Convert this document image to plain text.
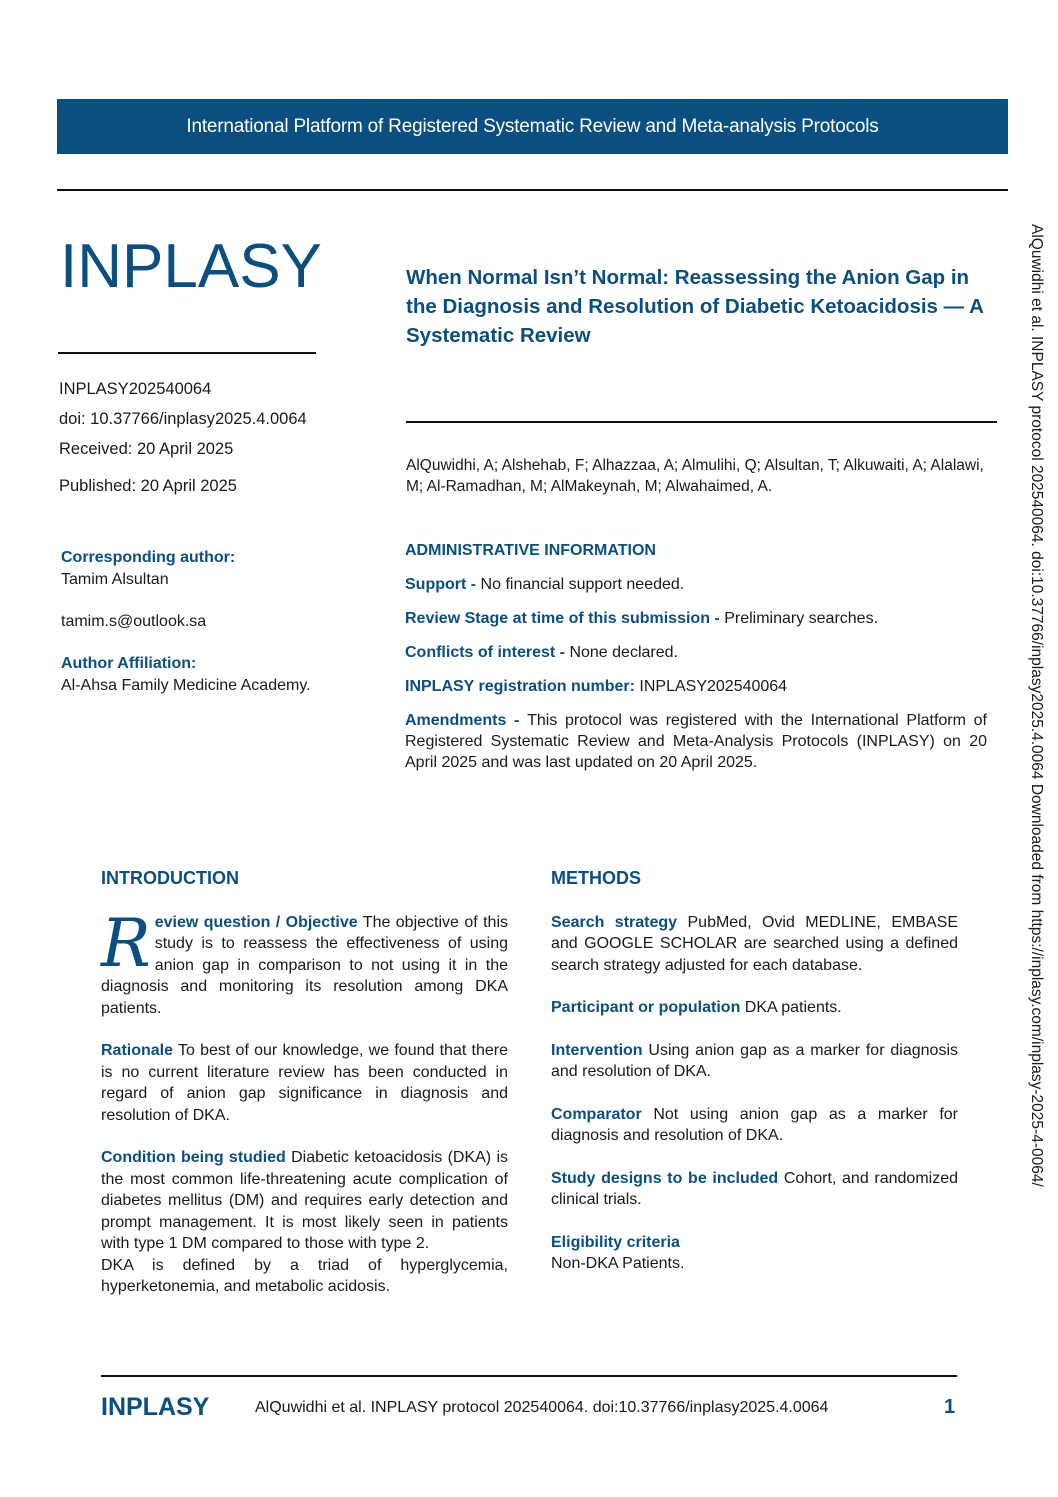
International Platform of Registered Systematic Review and Meta-analysis Protocols
INPLASY
INPLASY202540064
doi: 10.37766/inplasy2025.4.0064
Received: 20 April 2025
Published: 20 April 2025
When Normal Isn’t Normal: Reassessing the Anion Gap in the Diagnosis and Resolution of Diabetic Ketoacidosis — A Systematic Review
AlQuwidhi, A; Alshehab, F; Alhazzaa, A; Almulihi, Q; Alsultan, T; Alkuwaiti, A; Alalawi, M; Al-Ramadhan, M; AlMakeynah, M; Alwahaimed, A.
Corresponding author:
Tamim Alsultan
tamim.s@outlook.sa
Author Affiliation:
Al-Ahsa Family Medicine Academy.
ADMINISTRATIVE INFORMATION

Support - No financial support needed.

Review Stage at time of this submission - Preliminary searches.

Conflicts of interest - None declared.

INPLASY registration number: INPLASY202540064

Amendments - This protocol was registered with the International Platform of Registered Systematic Review and Meta-Analysis Protocols (INPLASY) on 20 April 2025 and was last updated on 20 April 2025.

INTRODUCTION

Review question / Objective The objective of this study is to reassess the effectiveness of using anion gap in comparison to not using it in the diagnosis and monitoring its resolution among DKA patients.

Rationale To best of our knowledge, we found that there is no current literature review has been conducted in regard of anion gap significance in diagnosis and resolution of DKA.

Condition being studied Diabetic ketoacidosis (DKA) is the most common life-threatening acute complication of diabetes mellitus (DM) and requires early detection and prompt management. It is most likely seen in patients with type 1 DM compared to those with type 2.

DKA is defined by a triad of hyperglycemia, hyperketonemia, and metabolic acidosis.

METHODS

Search strategy PubMed, Ovid MEDLINE, EMBASE and GOOGLE SCHOLAR are searched using a defined search strategy adjusted for each database.

Participant or population DKA patients.

Intervention Using anion gap as a marker for diagnosis and resolution of DKA.

Comparator Not using anion gap as a marker for diagnosis and resolution of DKA.

Study designs to be included Cohort, and randomized clinical trials.

Eligibility criteria
Non-DKA Patients.

AlQuwidhi et al. INPLASY protocol 202540064. doi:10.37766/inplasy2025.4.0064 Downloaded from https://inplasy.com/inplasy-2025-4-0064/
INPLASY	AlQuwidhi et al. INPLASY protocol 202540064. doi:10.37766/inplasy2025.4.0064	1
